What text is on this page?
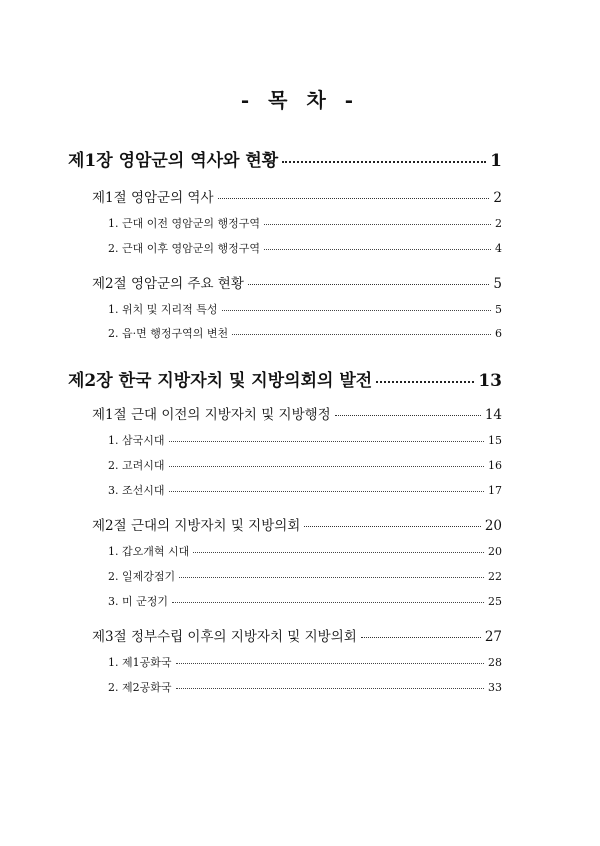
- 목 차 -
제1장 영암군의 역사와 현황	1
제1절 영암군의 역사	2
1. 근대 이전 영암군의 행정구역	2
2. 근대 이후 영암군의 행정구역	4
제2절 영암군의 주요 현황	5
1. 위치 및 지리적 특성	5
2. 읍·면 행정구역의 변천	6
제2장 한국 지방자치 및 지방의회의 발전	13
제1절 근대 이전의 지방자치 및 지방행정	14
1. 삼국시대	15
2. 고려시대	16
3. 조선시대	17
제2절 근대의 지방자치 및 지방의회	20
1. 갑오개혁 시대	20
2. 일제강점기	22
3. 미 군정기	25
제3절 정부수립 이후의 지방자치 및 지방의회	27
1. 제1공화국	28
2. 제2공화국	33
